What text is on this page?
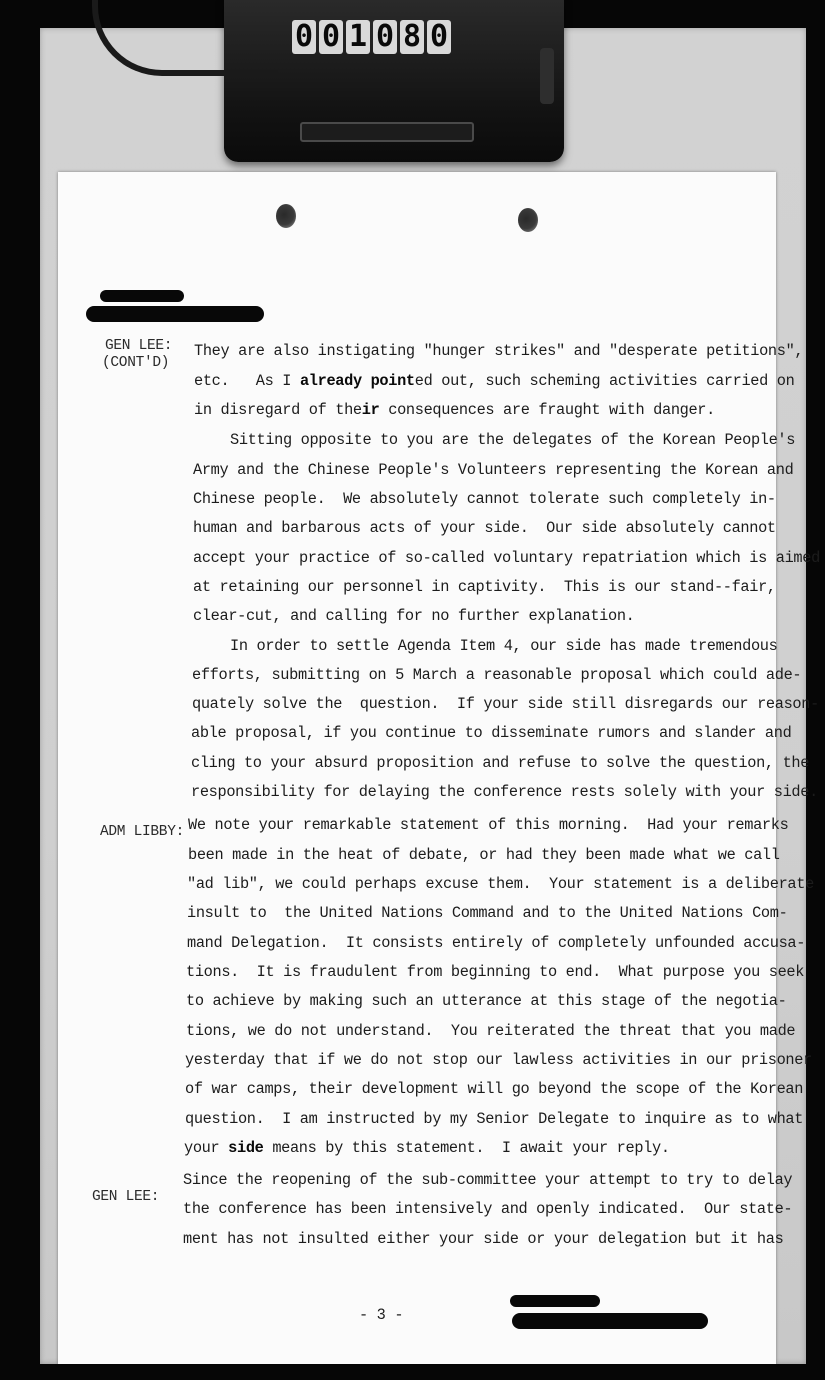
0 0 1 0 8 0
GEN LEE:
(CONT'D)
ADM LIBBY:
GEN LEE:
They are also instigating "hunger strikes" and "desperate petitions",
etc.   As I already pointed out, such scheming activities carried on
in disregard of their consequences are fraught with danger.
Sitting opposite to you are the delegates of the Korean People's
Army and the Chinese People's Volunteers representing the Korean and
Chinese people.  We absolutely cannot tolerate such completely in-
human and barbarous acts of your side.  Our side absolutely cannot
accept your practice of so-called voluntary repatriation which is aimed
at retaining our personnel in captivity.  This is our stand--fair,
clear-cut, and calling for no further explanation.
In order to settle Agenda Item 4, our side has made tremendous
efforts, submitting on 5 March a reasonable proposal which could ade-
quately solve the  question.  If your side still disregards our reason-
able proposal, if you continue to disseminate rumors and slander and
cling to your absurd proposition and refuse to solve the question, the
responsibility for delaying the conference rests solely with your side.
We note your remarkable statement of this morning.  Had your remarks
been made in the heat of debate, or had they been made what we call
"ad lib", we could perhaps excuse them.  Your statement is a deliberate
insult to  the United Nations Command and to the United Nations Com-
mand Delegation.  It consists entirely of completely unfounded accusa-
tions.  It is fraudulent from beginning to end.  What purpose you seek
to achieve by making such an utterance at this stage of the negotia-
tions, we do not understand.  You reiterated the threat that you made
yesterday that if we do not stop our lawless activities in our prisoner
of war camps, their development will go beyond the scope of the Korean
question.  I am instructed by my Senior Delegate to inquire as to what
your side means by this statement.  I await your reply.
Since the reopening of the sub-committee your attempt to try to delay
the conference has been intensively and openly indicated.  Our state-
ment has not insulted either your side or your delegation but it has
- 3 -
